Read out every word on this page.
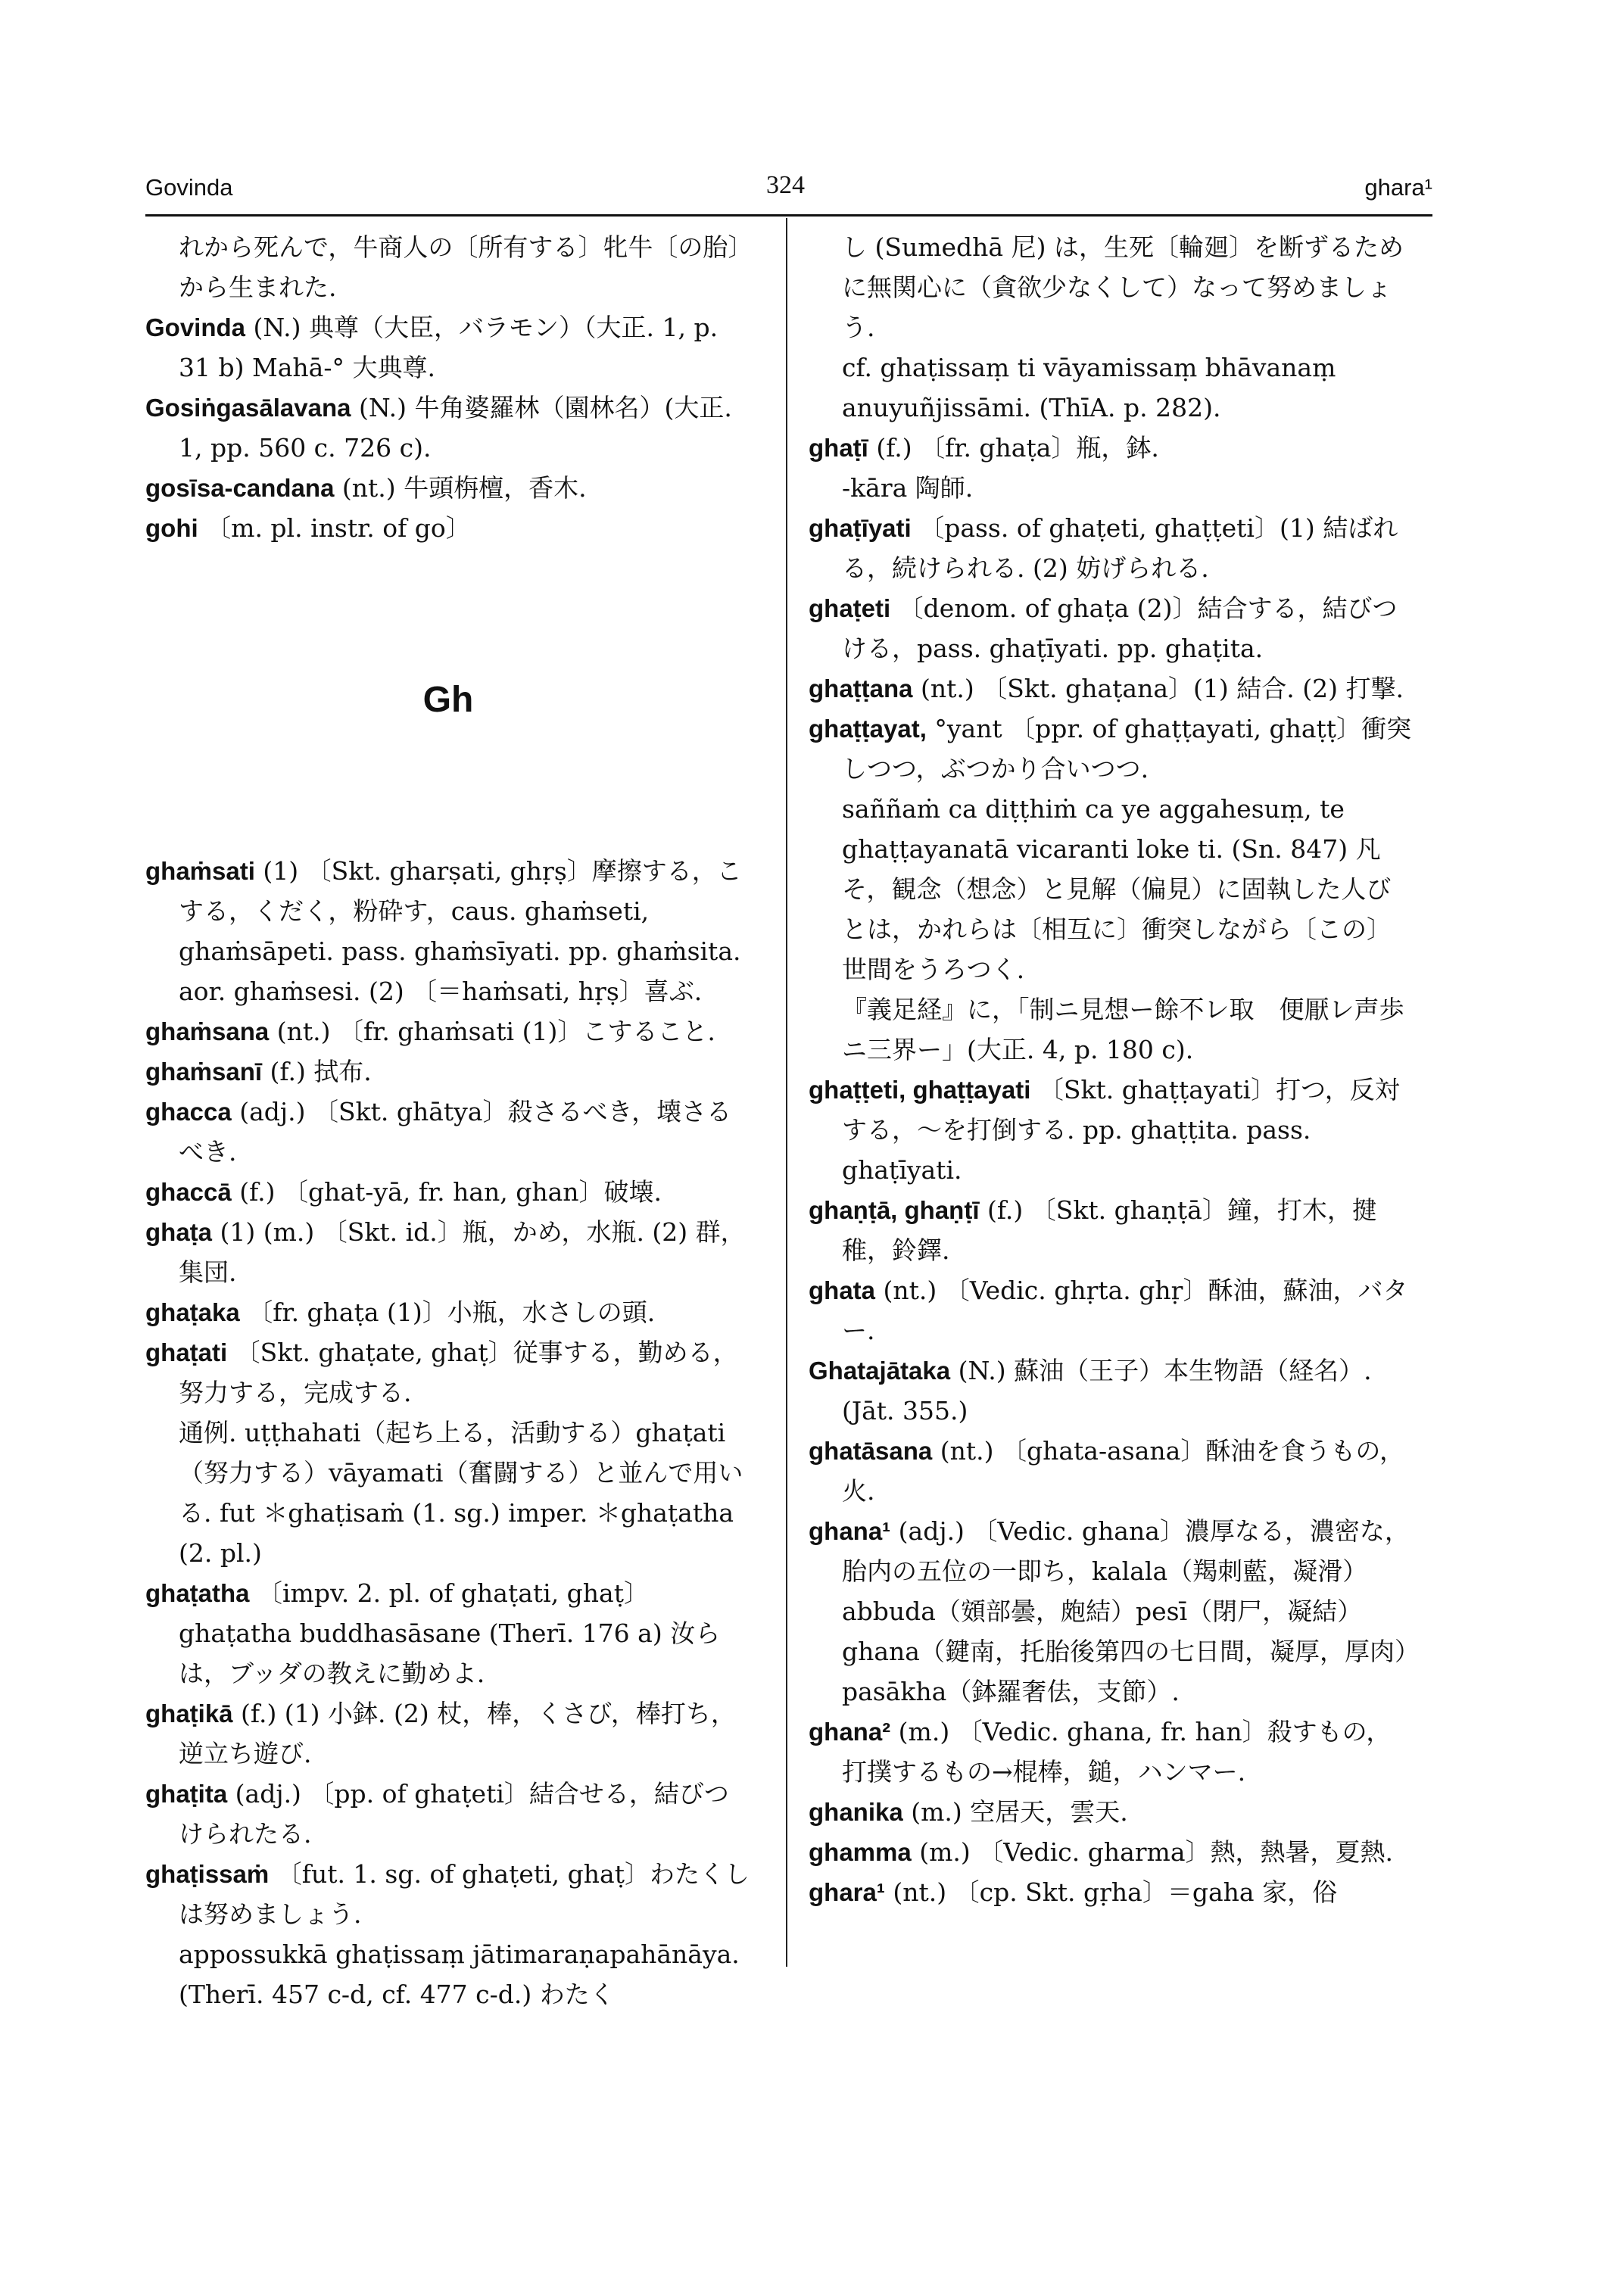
Govinda	324	ghara¹

れから死んで，牛商人の〔所有する〕牝牛〔の胎〕から生まれた.

Govinda (N.) 典尊（大臣，バラモン）（大正. 1, p. 31 b) Mahā-° 大典尊.

Gosiṅgasālavana (N.) 牛角婆羅林（園林名）(大正. 1, pp. 560 c. 726 c).

gosīsa-candana (nt.) 牛頭栴檀，香木.

gohi 〔m. pl. instr. of go〕

Gh

ghaṁsati (1) 〔Skt. gharṣati, ghṛṣ〕摩擦する，こする，くだく，粉砕す，caus. ghaṁseti, ghaṁsāpeti. pass. ghaṁsīyati. pp. ghaṁsita. aor. ghaṁsesi. (2) 〔＝haṁsati, hṛṣ〕喜ぶ.

ghaṁsana (nt.) 〔fr. ghaṁsati (1)〕こすること.

ghaṁsanī (f.) 拭布.

ghacca (adj.) 〔Skt. ghātya〕殺さるべき，壊さるべき.

ghaccā (f.) 〔ghat-yā, fr. han, ghan〕破壊.

ghaṭa (1) (m.) 〔Skt. id.〕瓶，かめ，水瓶. (2) 群，集団.

ghaṭaka 〔fr. ghaṭa (1)〕小瓶，水さしの頭.

ghaṭati 〔Skt. ghaṭate, ghaṭ〕従事する，勤める，努力する，完成する.

通例. uṭṭhahati（起ち上る，活動する）ghaṭati（努力する）vāyamati（奮闘する）と並んで用いる. fut ＊ghaṭisaṁ (1. sg.) imper. ＊ghaṭatha (2. pl.)

ghaṭatha 〔impv. 2. pl. of ghaṭati, ghaṭ〕 ghaṭatha buddhasāsane (Therī. 176 a) 汝らは，ブッダの教えに勤めよ.

ghaṭikā (f.) (1) 小鉢. (2) 杖，棒，くさび，棒打ち，逆立ち遊び.

ghaṭita (adj.) 〔pp. of ghaṭeti〕結合せる，結びつけられたる.

ghaṭissaṁ 〔fut. 1. sg. of ghaṭeti, ghaṭ〕わたくしは努めましょう.

appossukkā ghaṭissaṃ jātimaraṇapahānāya. (Therī. 457 c-d, cf. 477 c-d.) わたく

し (Sumedhā 尼) は，生死〔輪廻〕を断ずるために無関心に（貪欲少なくして）なって努めましょう.

cf. ghaṭissaṃ ti vāyamissaṃ bhāvanaṃ anuyuñjissāmi. (ThīA. p. 282).

ghaṭī (f.) 〔fr. ghaṭa〕瓶，鉢.

-kāra 陶師.

ghaṭīyati 〔pass. of ghaṭeti, ghaṭṭeti〕(1) 結ばれる，続けられる. (2) 妨げられる.

ghaṭeti 〔denom. of ghaṭa (2)〕結合する，結びつける，pass. ghaṭīyati. pp. ghaṭita.

ghaṭṭana (nt.) 〔Skt. ghaṭana〕(1) 結合. (2) 打撃.

ghaṭṭayat, °yant 〔ppr. of ghaṭṭayati, ghaṭṭ〕衝突しつつ，ぶつかり合いつつ.

saññaṁ ca diṭṭhiṁ ca ye aggahesuṃ, te ghaṭṭayanatā vicaranti loke ti. (Sn. 847) 凡そ，観念（想念）と見解（偏見）に固執した人びとは，かれらは〔相互に〕衝突しながら〔この〕世間をうろつく.

『義足経』に，「制ニ見想ー餘不レ取　便厭レ声歩ニ三界ー」(大正. 4, p. 180 c).

ghaṭṭeti, ghaṭṭayati 〔Skt. ghaṭṭayati〕打つ，反対する，〜を打倒する. pp. ghaṭṭita. pass. ghaṭīyati.

ghaṇṭā, ghaṇṭī (f.) 〔Skt. ghaṇṭā〕鐘，打木，揵稚，鈴鐸.

ghata (nt.) 〔Vedic. ghṛta. ghṛ〕酥油，蘇油，バター.

Ghatajātaka (N.) 蘇油（王子）本生物語（経名）. (Jāt. 355.)

ghatāsana (nt.) 〔ghata-asana〕酥油を食うもの，火.

ghana¹ (adj.) 〔Vedic. ghana〕濃厚なる，濃密な，胎内の五位の一即ち，kalala（羯刺藍，凝滑）abbuda（頞部曇，皰結）pesī（閉尸，凝結）ghana（鍵南，托胎後第四の七日間，凝厚，厚肉）pasākha（鉢羅奢佉，支節）.

ghana² (m.) 〔Vedic. ghana, fr. han〕殺すもの，打撲するもの→棍棒，鎚，ハンマー.

ghanika (m.) 空居天，雲天.

ghamma (m.) 〔Vedic. gharma〕熱，熱暑，夏熱.

ghara¹ (nt.) 〔cp. Skt. gṛha〕＝gaha 家，俗
